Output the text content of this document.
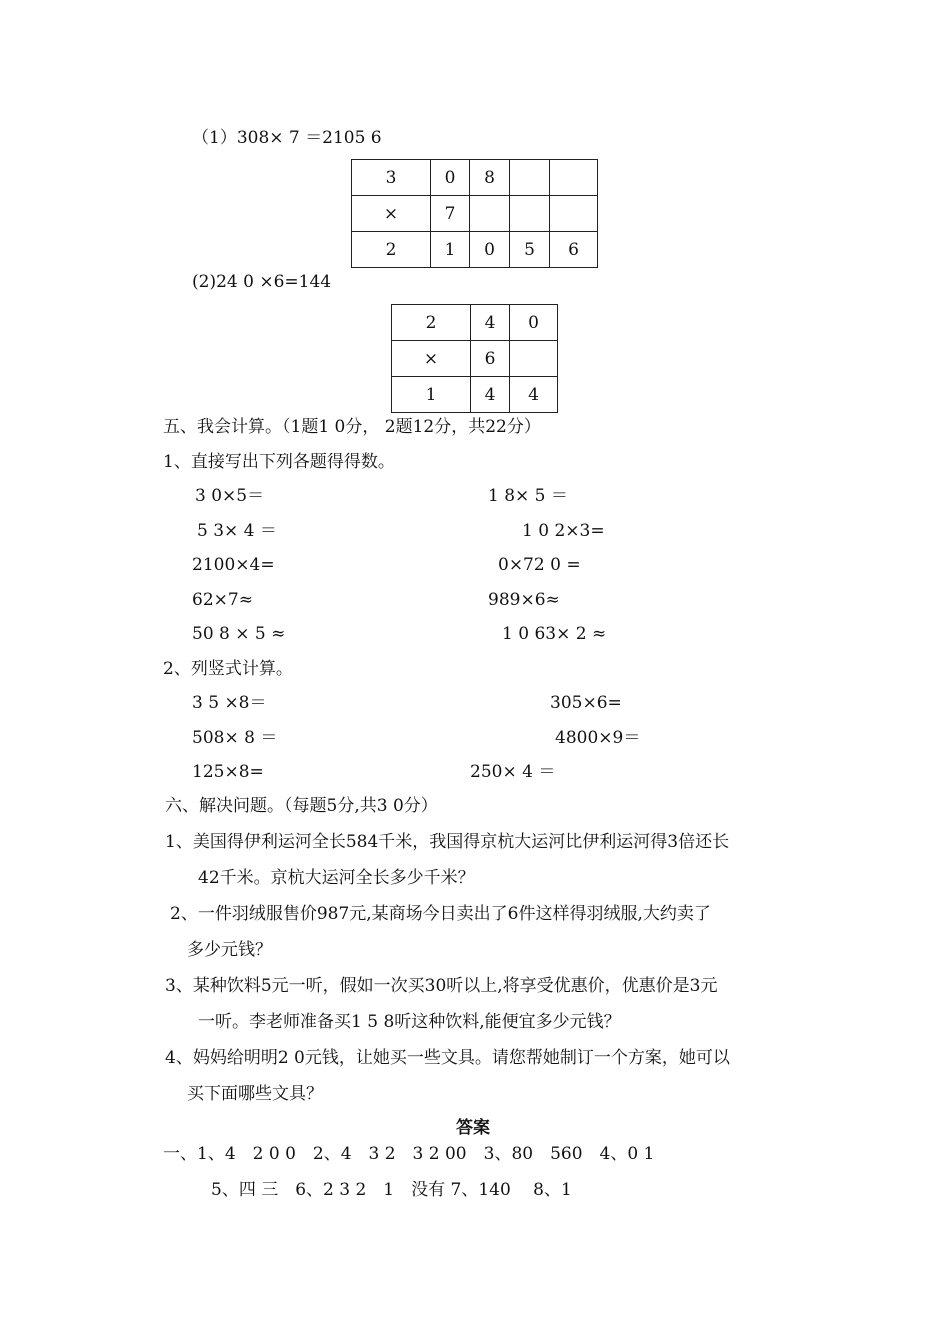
（1）308× 7 ＝2105 6
3	0	8		
×	7			
2	1	0	5	6
(2)24 0 ×6=144
2	4	0
×	6	
1	4	4
五、我会计算。（1题1 0分， 2题12分，共22分）
1、直接写出下列各题得得数。
3 0×5＝	1 8× 5 ＝
5 3× 4 ＝	1 0 2×3=
2100×4=	0×72 0 =
62×7≈	989×6≈
50 8 × 5 ≈	1 0 63× 2 ≈
2、列竖式计算。
3 5 ×8＝	305×6=
508× 8 ＝	4800×9＝
125×8=	250× 4 ＝
六、解决问题。（每题5分,共3 0分）
1、美国得伊利运河全长584千米，我国得京杭大运河比伊利运河得3倍还长
42千米。京杭大运河全长多少千米？
2、一件羽绒服售价987元,某商场今日卖出了6件这样得羽绒服,大约卖了
多少元钱？
3、某种饮料5元一听，假如一次买30听以上,将享受优惠价，优惠价是3元
一听。李老师准备买1 5 8听这种饮料,能便宜多少元钱？
4、妈妈给明明2 0元钱，让她买一些文具。请您帮她制订一个方案，她可以
买下面哪些文具？
答案
一、1、4　2 0 0　2、4　3 2　3 2 00　3、80　560　4、0 1
5、四 三　6、2 3 2　1　没有 7、140　 8、1
